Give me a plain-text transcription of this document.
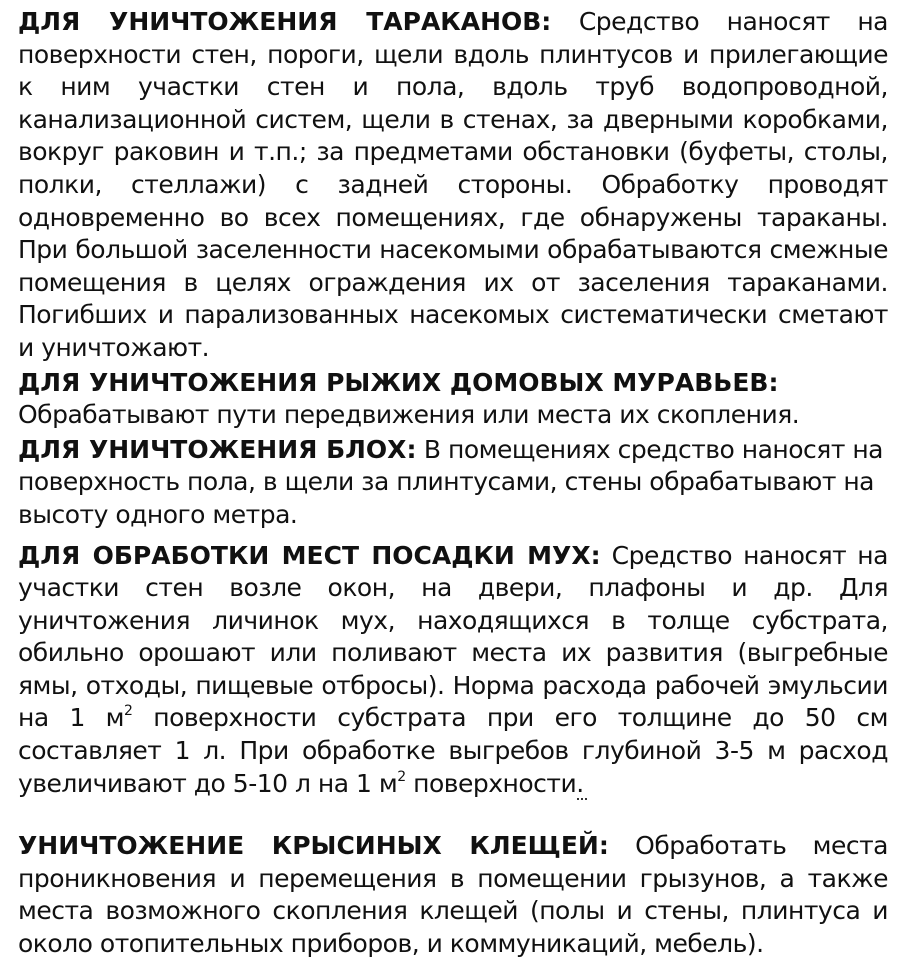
ДЛЯ УНИЧТОЖЕНИЯ ТАРАКАНОВ: Средство наносят на поверхности стен, пороги, щели вдоль плинтусов и прилегающие к ним участки стен и пола, вдоль труб водопроводной, канализационной систем, щели в стенах, за дверными коробками, вокруг раковин и т.п.; за предметами обстановки (буфеты, столы, полки, стеллажи) с задней стороны. Обработку проводят одновременно во всех помещениях, где обнаружены тараканы. При большой заселенности насекомыми обрабатываются смежные помещения в целях ограждения их от заселения тараканами. Погибших и парализованных насекомых систематически сметают и уничтожают.

ДЛЯ УНИЧТОЖЕНИЯ РЫЖИХ ДОМОВЫХ МУРАВЬЕВ:
Обрабатывают пути передвижения или места их скопления.

ДЛЯ УНИЧТОЖЕНИЯ БЛОХ: В помещениях средство наносят на поверхность пола, в щели за плинтусами, стены обрабатывают на высоту одного метра.

ДЛЯ ОБРАБОТКИ МЕСТ ПОСАДКИ МУХ: Средство наносят на участки стен возле окон, на двери, плафоны и др. Для уничтожения личинок мух, находящихся в толще субстрата, обильно орошают или поливают места их развития (выгребные ямы, отходы, пищевые отбросы). Норма расхода рабочей эмульсии на 1 $м^2$ поверхности субстрата при его толщине до 50 см составляет 1 л. При обработке выгребов глубиной 3-5 м расход увеличивают до 5-10 л на 1 $м^2$ поверхности.

УНИЧТОЖЕНИЕ КРЫСИНЫХ КЛЕЩЕЙ: Обработать места проникновения и перемещения в помещении грызунов, а также места возможного скопления клещей (полы и стены, плинтуса и около отопительных приборов, и коммуникаций, мебель).
